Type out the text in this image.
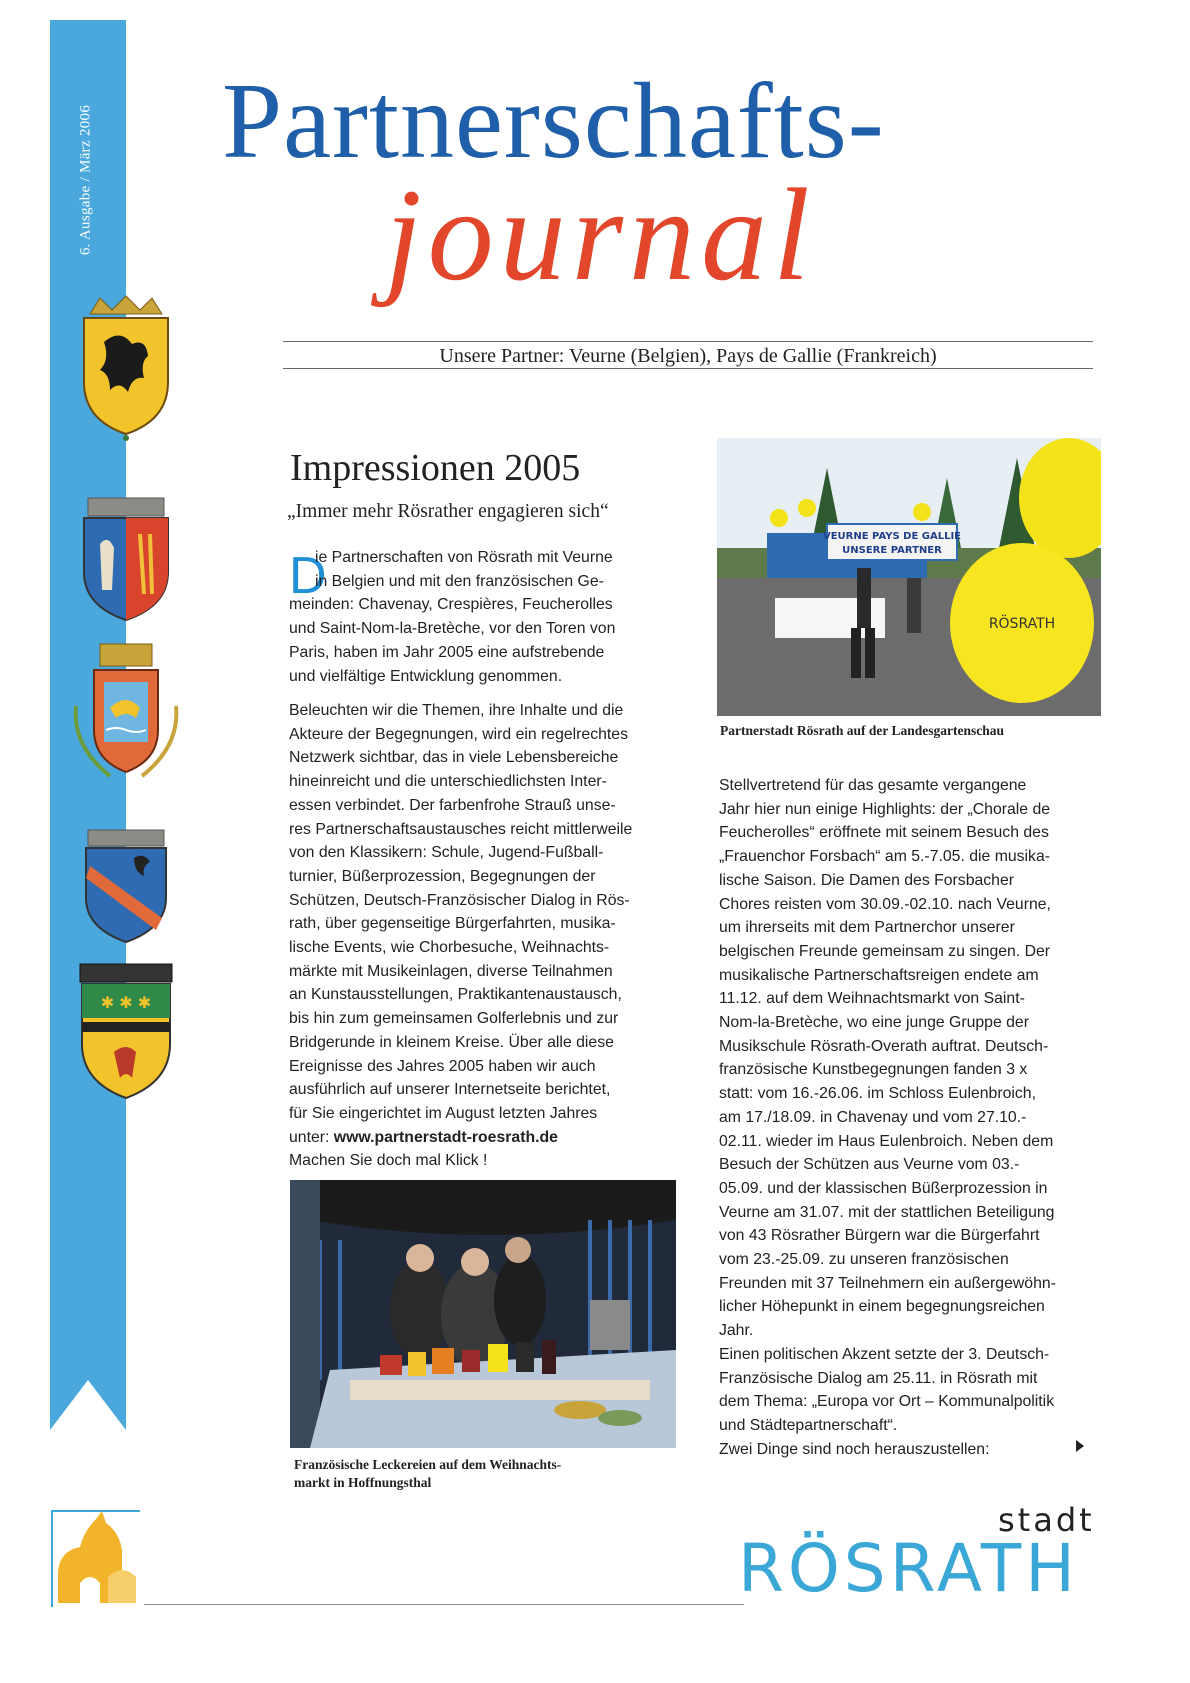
6. Ausgabe / März 2006
✱ ✱ ✱
Partnerschafts-
journal
Unsere Partner: Veurne (Belgien), Pays de Gallie (Frankreich)
Impressionen 2005
„Immer mehr Rösrather engagieren sich“
D
ie Partnerschaften von Rösrath mit Veurne
in Belgien und mit den französischen Ge-
meinden: Chavenay, Crespières, Feucherolles
und Saint-Nom-la-Bretèche, vor den Toren von
Paris, haben im Jahr 2005 eine aufstrebende
und vielfältige Entwicklung genommen.
Beleuchten wir die Themen, ihre Inhalte und die
Akteure der Begegnungen, wird ein regelrechtes
Netzwerk sichtbar, das in viele Lebensbereiche
hineinreicht und die unterschiedlichsten Inter-
essen verbindet. Der farbenfrohe Strauß unse-
res Partnerschaftsaustausches reicht mittlerweile
von den Klassikern: Schule, Jugend-Fußball-
turnier, Büßerprozession, Begegnungen der
Schützen, Deutsch-Französischer Dialog in Rös-
rath, über gegenseitige Bürgerfahrten, musika-
lische Events, wie Chorbesuche, Weihnachts-
märkte mit Musikeinlagen, diverse Teilnahmen
an Kunstausstellungen, Praktikantenaustausch,
bis hin zum gemeinsamen Golferlebnis und zur
Bridgerunde in kleinem Kreise. Über alle diese
Ereignisse des Jahres 2005 haben wir auch
ausführlich auf unserer Internetseite berichtet,
für Sie eingerichtet im August letzten Jahres
unter: www.partnerstadt-roesrath.de
Machen Sie doch mal Klick !
VEURNE PAYS DE GALLIE
UNSERE PARTNER
RÖSRATH
Partnerstadt Rösrath auf der Landesgartenschau
Stellvertretend für das gesamte vergangene
Jahr hier nun einige Highlights: der „Chorale de
Feucherolles“ eröffnete mit seinem Besuch des
„Frauenchor Forsbach“ am 5.-7.05. die musika-
lische Saison. Die Damen des Forsbacher
Chores reisten vom 30.09.-02.10. nach Veurne,
um ihrerseits mit dem Partnerchor unserer
belgischen Freunde gemeinsam zu singen. Der
musikalische Partnerschaftsreigen endete am
11.12. auf dem Weihnachtsmarkt von Saint-
Nom-la-Bretèche, wo eine junge Gruppe der
Musikschule Rösrath-Overath auftrat. Deutsch-
französische Kunstbegegnungen fanden 3 x
statt: vom 16.-26.06. im Schloss Eulenbroich,
am 17./18.09. in Chavenay und vom 27.10.-
02.11. wieder im Haus Eulenbroich. Neben dem
Besuch der Schützen aus Veurne vom 03.-
05.09. und der klassischen Büßerprozession in
Veurne am 31.07. mit der stattlichen Beteiligung
von 43 Rösrather Bürgern war die Bürgerfahrt
vom 23.-25.09. zu unseren französischen
Freunden mit 37 Teilnehmern ein außergewöhn-
licher Höhepunkt in einem begegnungsreichen
Jahr.
Einen politischen Akzent setzte der 3. Deutsch-
Französische Dialog am 25.11. in Rösrath mit
dem Thema: „Europa vor Ort – Kommunalpolitik
und Städtepartnerschaft“.
Zwei Dinge sind noch herauszustellen:
Französische Leckereien auf dem Weihnachts-
markt in Hoffnungsthal
stadt
RÖSRATH
